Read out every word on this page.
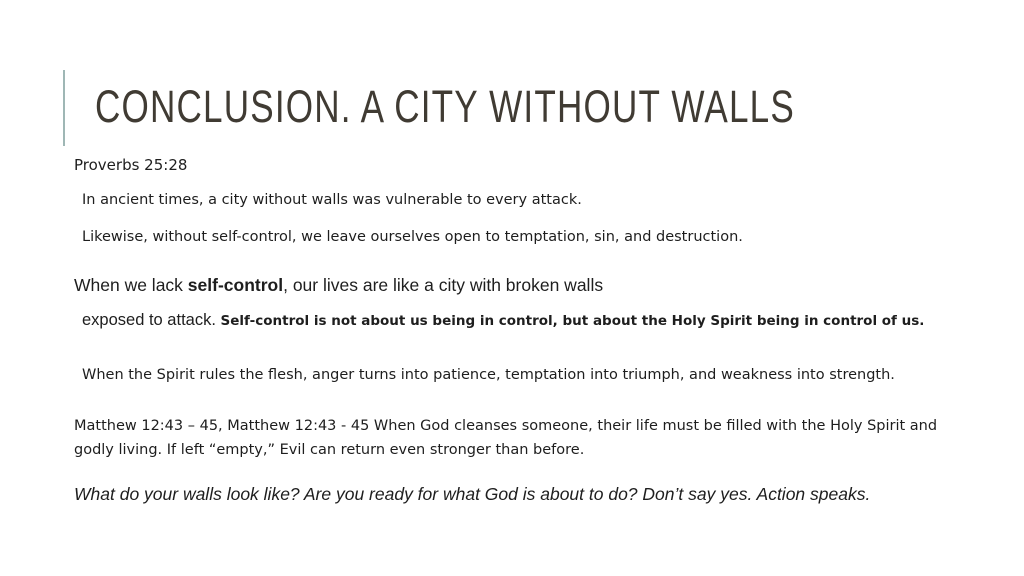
CONCLUSION. A CITY WITHOUT WALLS
Proverbs 25:28
In ancient times, a city without walls was vulnerable to every attack.
Likewise, without self-control, we leave ourselves open to temptation, sin, and destruction.
When we lack self-control, our lives are like a city with broken walls
exposed to attack. Self-control is not about us being in control, but about the Holy Spirit being in control of us.
When the Spirit rules the flesh, anger turns into patience, temptation into triumph, and weakness into strength.
Matthew 12:43 – 45, Matthew 12:43 - 45 When God cleanses someone, their life must be filled with the Holy Spirit and godly living. If left “empty,” Evil can return even stronger than before.
What do your walls look like? Are you ready for what God is about to do? Don’t say yes. Action speaks.
